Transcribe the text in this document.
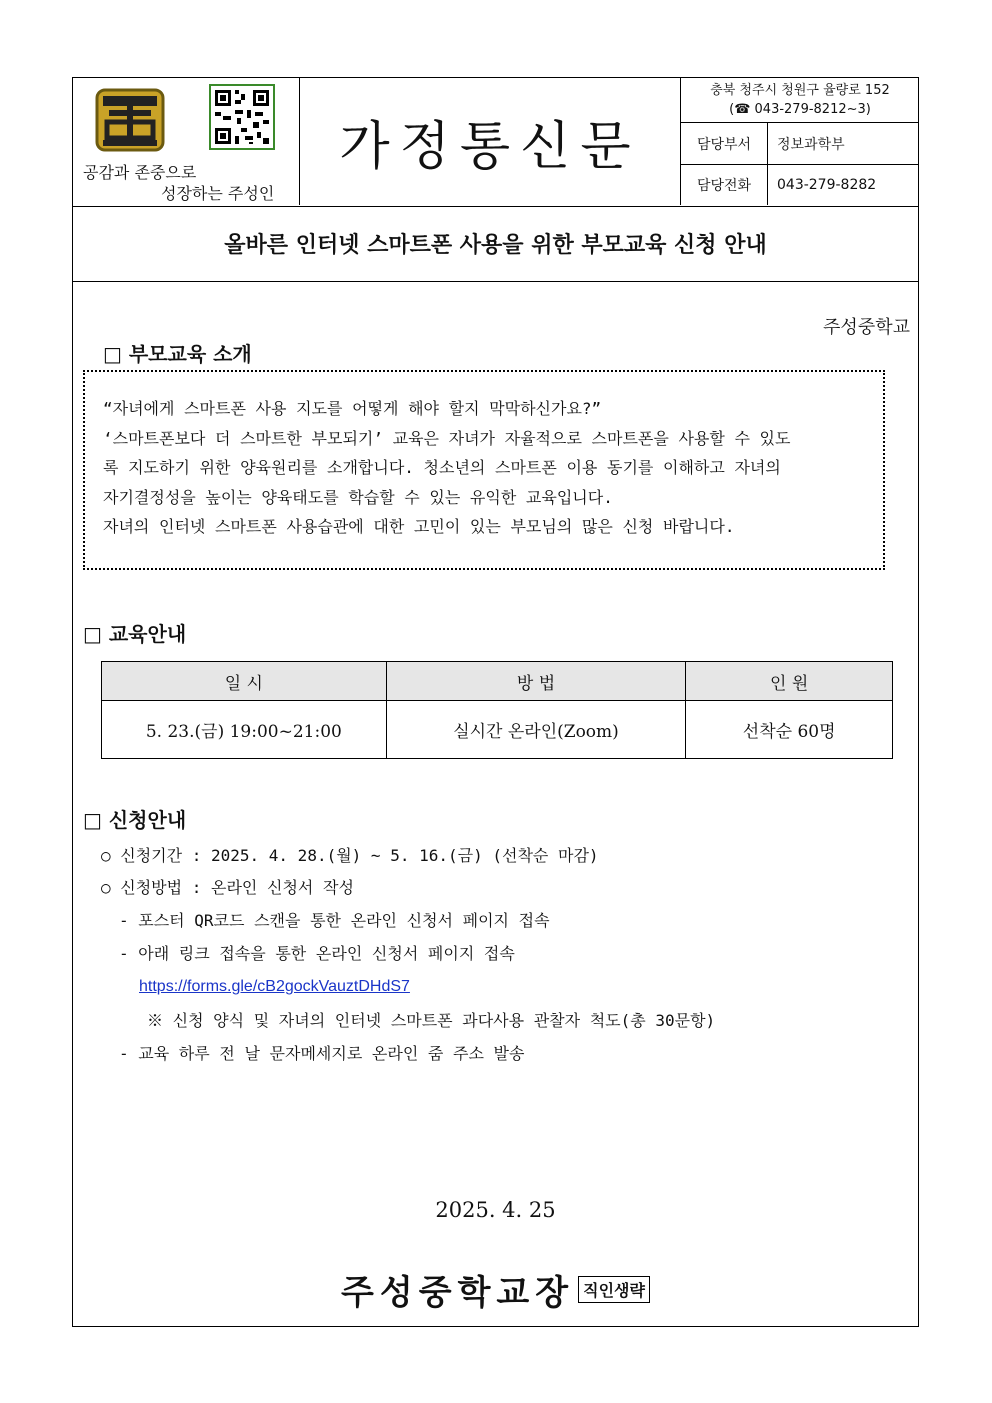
공감과 존중으로
성장하는 주성인
가정통신문
충북 청주시 청원구 율량로 152
(☎ 043-279-8212~3)
담당부서	정보과학부
담당전화	043-279-8282
올바른 인터넷 스마트폰 사용을 위한 부모교육 신청 안내
주성중학교
□ 부모교육 소개

“자녀에게 스마트폰 사용 지도를 어떻게 해야 할지 막막하신가요?”

‘스마트폰보다 더 스마트한 부모되기’ 교육은 자녀가 자율적으로 스마트폰을 사용할 수 있도

록 지도하기 위한 양육원리를 소개합니다. 청소년의 스마트폰 이용 동기를 이해하고 자녀의

자기결정성을 높이는 양육태도를 학습할 수 있는 유익한 교육입니다.

자녀의 인터넷 스마트폰 사용습관에 대한 고민이 있는 부모님의 많은 신청 바랍니다.

□ 교육안내
일 시	방 법	인 원
5. 23.(금) 19:00~21:00	실시간 온라인(Zoom)	선착순 60명
□ 신청안내
○ 신청기간 : 2025. 4. 28.(월) ~ 5. 16.(금) (선착순 마감)
○ 신청방법 : 온라인 신청서 작성
- 포스터 QR코드 스캔을 통한 온라인 신청서 페이지 접속
- 아래 링크 접속을 통한 온라인 신청서 페이지 접속
https://forms.gle/cB2gockVauztDHdS7
※ 신청 양식 및 자녀의 인터넷 스마트폰 과다사용 관찰자 척도(총 30문항)
- 교육 하루 전 날 문자메세지로 온라인 줌 주소 발송
2025. 4. 25
주성중학교장 직인생략
